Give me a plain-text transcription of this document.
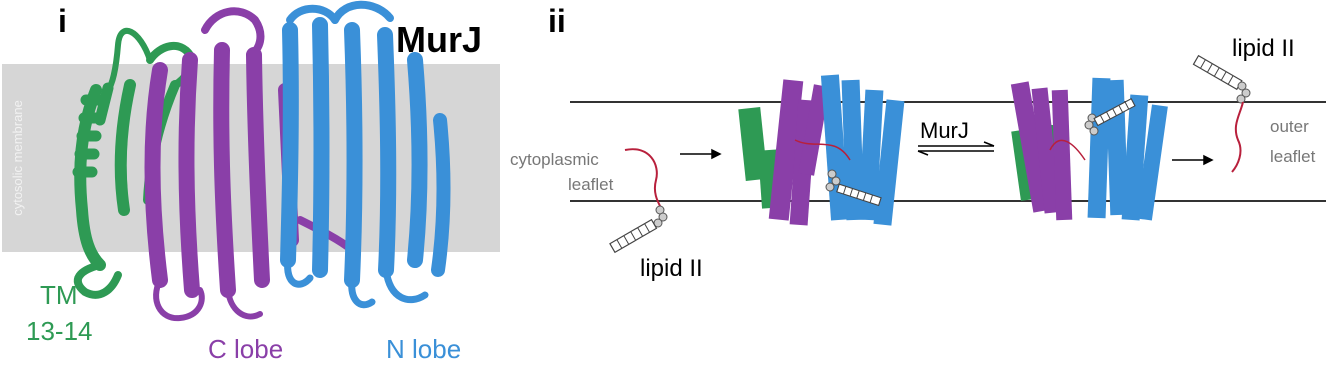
cytosolic membrane
i	MurJ
TM
13-14
C lobe	N lobe
ii
cytoplasmic
leaflet
lipid II
MurJ
lipid II
outer
leaflet
